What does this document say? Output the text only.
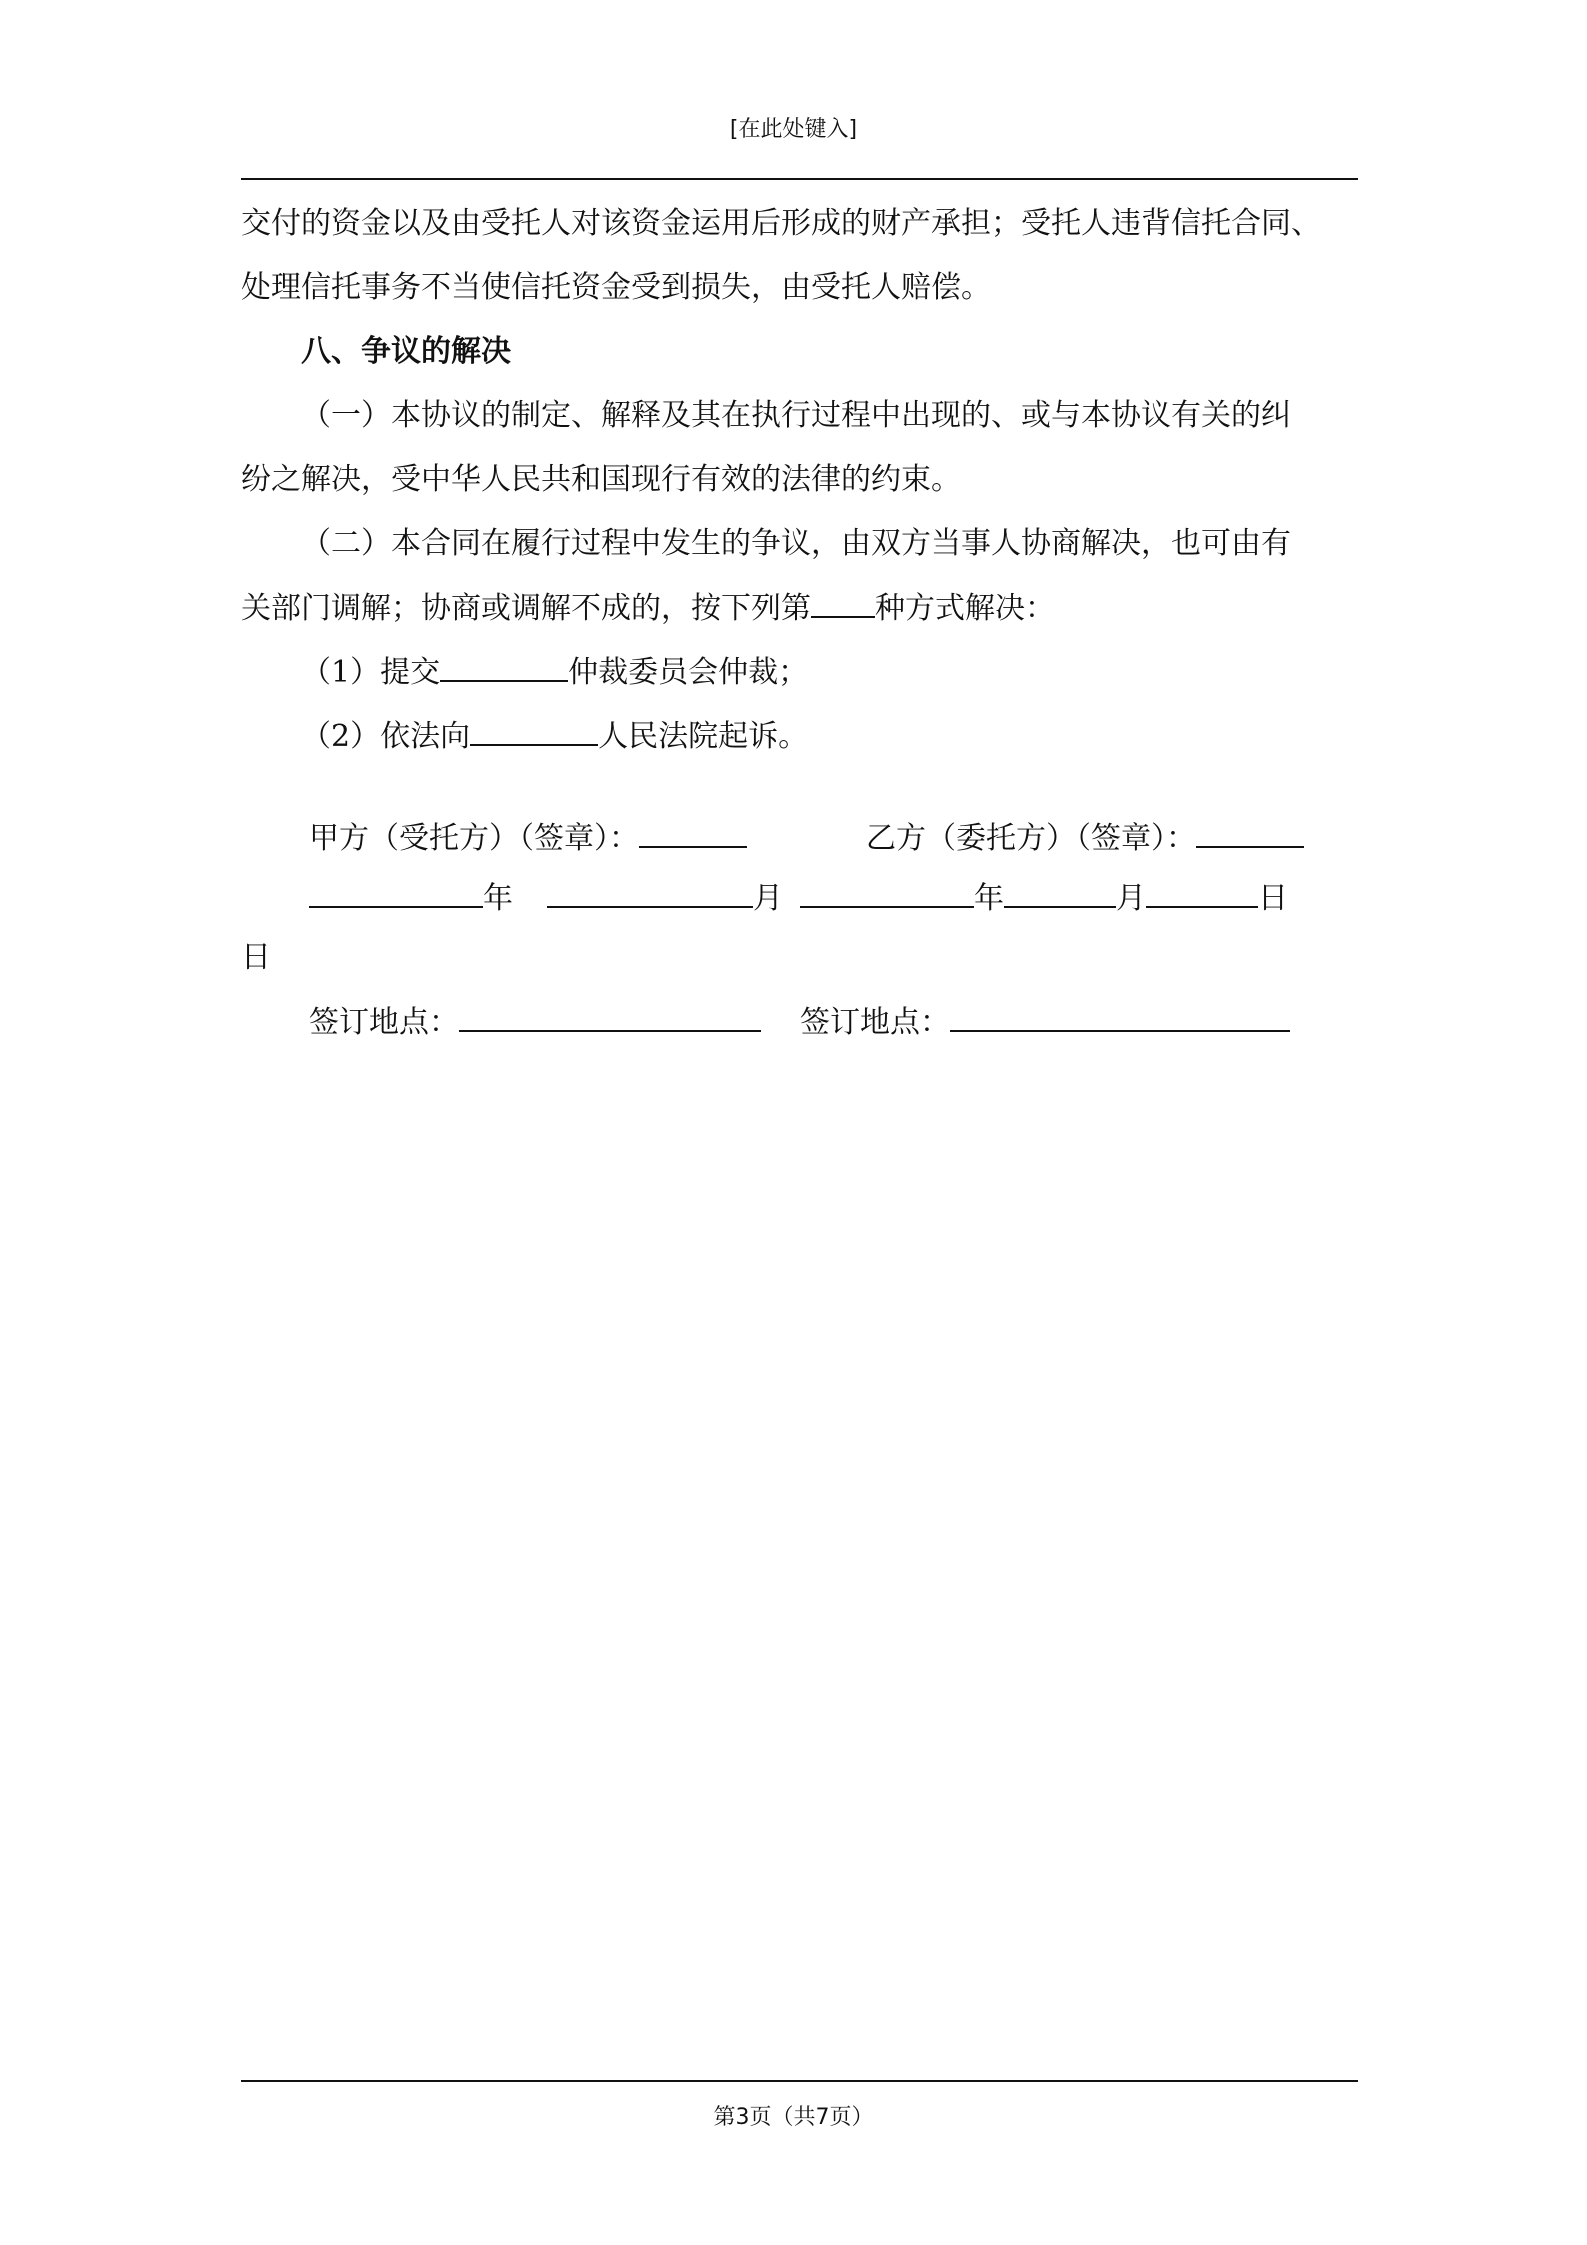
[在此处键入]
交付的资金以及由受托人对该资金运用后形成的财产承担；受托人违背信托合同、
处理信托事务不当使信托资金受到损失，由受托人赔偿。
八、争议的解决
（一）本协议的制定、解释及其在执行过程中出现的、或与本协议有关的纠
纷之解决，受中华人民共和国现行有效的法律的约束。
（二）本合同在履行过程中发生的争议，由双方当事人协商解决，也可由有
关部门调解；协商或调解不成的，按下列第 种方式解决：
（1）提交	仲裁委员会仲裁；
（2）依法向	人民法院起诉。
甲方（受托方）（签章）：	乙方（委托方）（签章）：
年	月	年	月	日
日
签订地点：	签订地点：
第3页（共7页）
